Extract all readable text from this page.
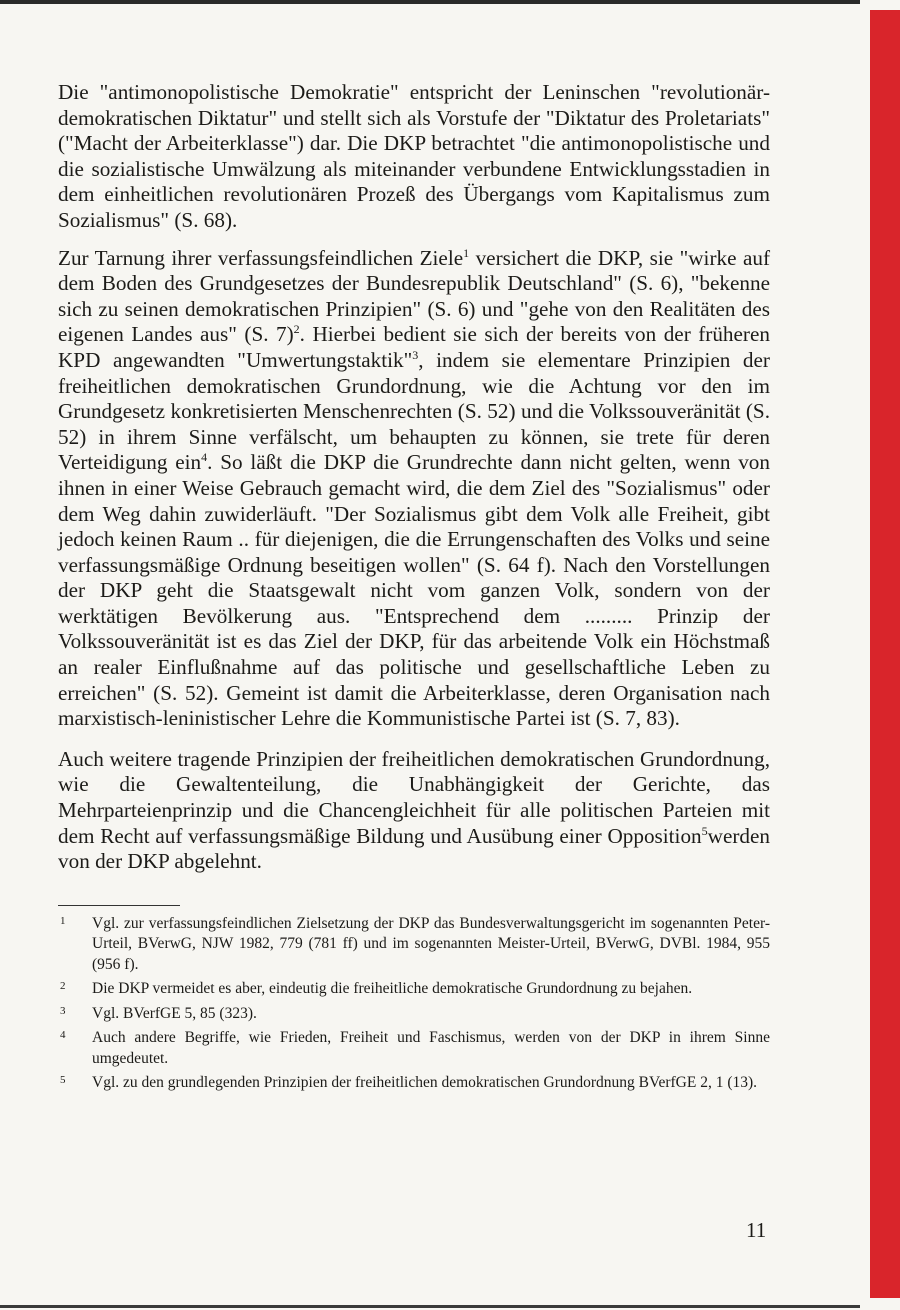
Die "antimonopolistische Demokratie" entspricht der Leninschen "revolutionär-demokratischen Diktatur" und stellt sich als Vorstufe der "Diktatur des Proletariats" ("Macht der Arbeiterklasse") dar. Die DKP betrachtet "die antimonopolistische und die sozialistische Umwälzung als miteinander verbundene Entwicklungsstadien in dem einheitlichen revolutionären Prozeß des Übergangs vom Kapitalismus zum Sozialismus" (S. 68).

Zur Tarnung ihrer verfassungsfeindlichen Ziele$^1$ versichert die DKP, sie "wirke auf dem Boden des Grundgesetzes der Bundesrepublik Deutschland" (S. 6), "bekenne sich zu seinen demokratischen Prinzipien" (S. 6) und "gehe von den Realitäten des eigenen Landes aus" (S. 7)$^2$. Hierbei bedient sie sich der bereits von der früheren KPD angewandten "Umwertungstaktik"$^3$, indem sie elementare Prinzipien der freiheitlichen demokratischen Grundordnung, wie die Achtung vor den im Grundgesetz konkretisierten Menschenrechten (S. 52) und die Volkssouveränität (S. 52) in ihrem Sinne verfälscht, um behaupten zu können, sie trete für deren Verteidigung ein$^4$. So läßt die DKP die Grundrechte dann nicht gelten, wenn von ihnen in einer Weise Gebrauch gemacht wird, die dem Ziel des "Sozialismus" oder dem Weg dahin zuwiderläuft. "Der Sozialismus gibt dem Volk alle Freiheit, gibt jedoch keinen Raum .. für diejenigen, die die Errungenschaften des Volks und seine verfassungsmäßige Ordnung beseitigen wollen" (S. 64 f). Nach den Vorstellungen der DKP geht die Staatsgewalt nicht vom ganzen Volk, sondern von der werktätigen Bevölkerung aus. "Entsprechend dem ......... Prinzip der Volkssouveränität ist es das Ziel der DKP, für das arbeitende Volk ein Höchstmaß an realer Einflußnahme auf das politische und gesellschaftliche Leben zu erreichen" (S. 52). Gemeint ist damit die Arbeiterklasse, deren Organisation nach marxistisch-leninistischer Lehre die Kommunistische Partei ist (S. 7, 83).

Auch weitere tragende Prinzipien der freiheitlichen demokratischen Grundordnung, wie die Gewaltenteilung, die Unabhängigkeit der Gerichte, das Mehrparteienprinzip und die Chancengleichheit für alle politischen Parteien mit dem Recht auf verfassungsmäßige Bildung und Ausübung einer Opposition$^5$werden von der DKP abgelehnt.

1 Vgl. zur verfassungsfeindlichen Zielsetzung der DKP das Bundesverwaltungsgericht im sogenannten Peter-Urteil, BVerwG, NJW 1982, 779 (781 ff) und im sogenannten Meister-Urteil, BVerwG, DVBl. 1984, 955 (956 f).
2 Die DKP vermeidet es aber, eindeutig die freiheitliche demokratische Grundordnung zu bejahen.
3 Vgl. BVerfGE 5, 85 (323).
4 Auch andere Begriffe, wie Frieden, Freiheit und Faschismus, werden von der DKP in ihrem Sinne umgedeutet.
5 Vgl. zu den grundlegenden Prinzipien der freiheitlichen demokratischen Grundordnung BVerfGE 2, 1 (13).
11
